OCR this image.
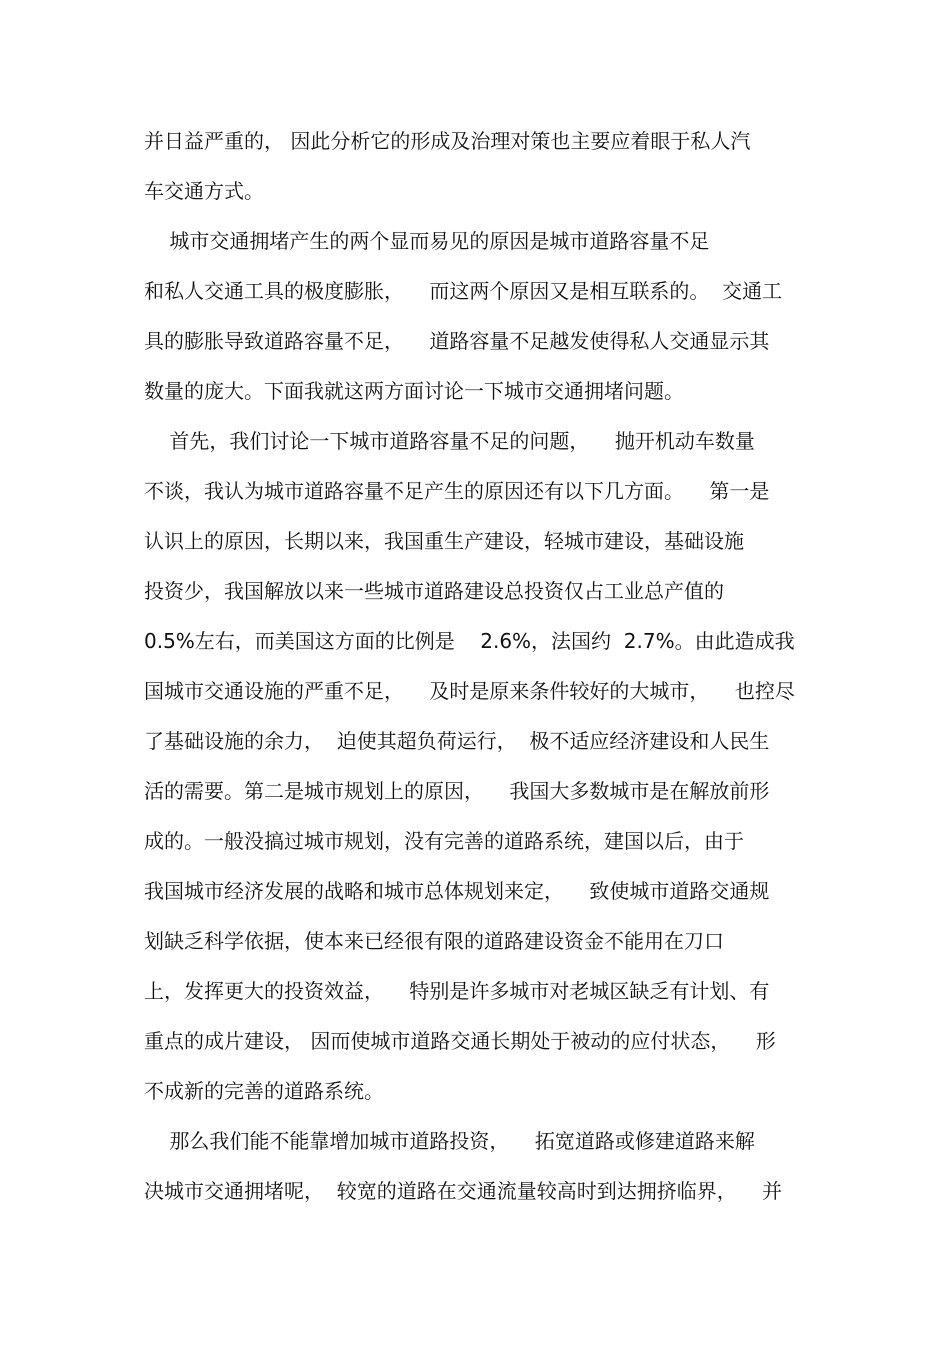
并日益严重的， 因此分析它的形成及治理对策也主要应着眼于私人汽
车交通方式。
城市交通拥堵产生的两个显而易见的原因是城市道路容量不足
和私人交通工具的极度膨胀，    而这两个原因又是相互联系的。  交通工
具的膨胀导致道路容量不足，    道路容量不足越发使得私人交通显示其
数量的庞大。下面我就这两方面讨论一下城市交通拥堵问题。
首先，我们讨论一下城市道路容量不足的问题，    抛开机动车数量
不谈，我认为城市道路容量不足产生的原因还有以下几方面。    第一是
认识上的原因，长期以来，我国重生产建设，轻城市建设，基础设施
投资少，我国解放以来一些城市道路建设总投资仅占工业总产值的
0.5%左右，而美国这方面的比例是    2.6%，法国约  2.7%。由此造成我
国城市交通设施的严重不足，    及时是原来条件较好的大城市，    也控尽
了基础设施的余力，  迫使其超负荷运行，  极不适应经济建设和人民生
活的需要。第二是城市规划上的原因，    我国大多数城市是在解放前形
成的。一般没搞过城市规划，没有完善的道路系统，建国以后，由于
我国城市经济发展的战略和城市总体规划来定，    致使城市道路交通规
划缺乏科学依据，使本来已经很有限的道路建设资金不能用在刀口
上，发挥更大的投资效益，    特别是许多城市对老城区缺乏有计划、有
重点的成片建设， 因而使城市道路交通长期处于被动的应付状态，    形
不成新的完善的道路系统。
那么我们能不能靠增加城市道路投资，    拓宽道路或修建道路来解
决城市交通拥堵呢，  较宽的道路在交通流量较高时到达拥挤临界，    并
